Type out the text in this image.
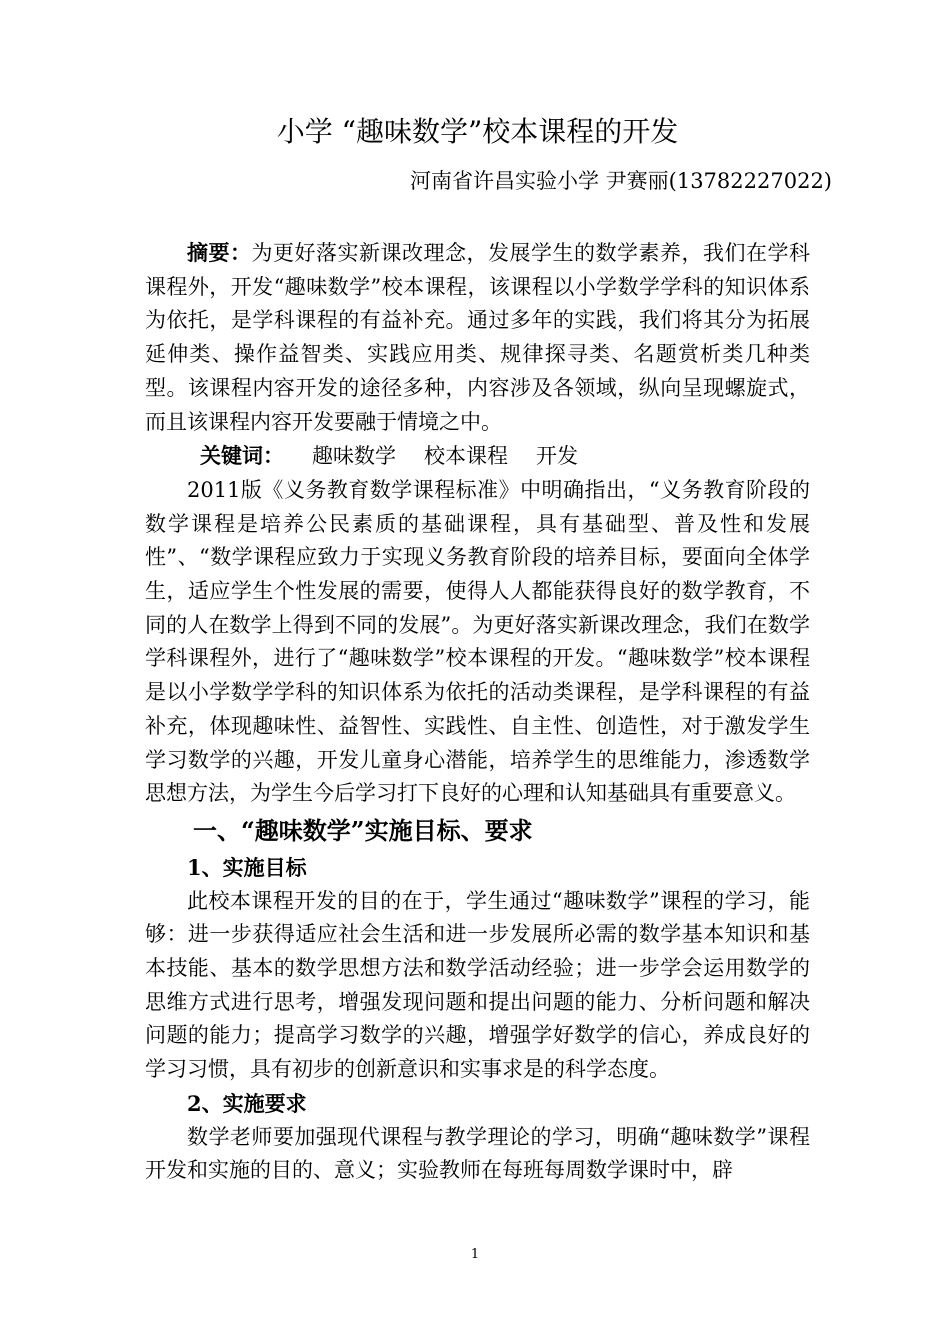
小学 “趣味数学”校本课程的开发
河南省许昌实验小学 尹赛丽(13782227022)

摘要：为更好落实新课改理念，发展学生的数学素养，我们在学科课程外，开发“趣味数学”校本课程，该课程以小学数学学科的知识体系为依托，是学科课程的有益补充。通过多年的实践，我们将其分为拓展延伸类、操作益智类、实践应用类、规律探寻类、名题赏析类几种类型。该课程内容开发的途径多种，内容涉及各领域，纵向呈现螺旋式，而且该课程内容开发要融于情境之中。

关键词： 趣味数学 校本课程 开发

2011版《义务教育数学课程标准》中明确指出，“义务教育阶段的数学课程是培养公民素质的基础课程，具有基础型、普及性和发展性”、“数学课程应致力于实现义务教育阶段的培养目标，要面向全体学生，适应学生个性发展的需要，使得人人都能获得良好的数学教育，不同的人在数学上得到不同的发展”。为更好落实新课改理念，我们在数学学科课程外，进行了“趣味数学”校本课程的开发。“趣味数学”校本课程是以小学数学学科的知识体系为依托的活动类课程，是学科课程的有益补充，体现趣味性、益智性、实践性、自主性、创造性，对于激发学生学习数学的兴趣，开发儿童身心潜能，培养学生的思维能力，渗透数学思想方法，为学生今后学习打下良好的心理和认知基础具有重要意义。

一、“趣味数学”实施目标、要求

1、实施目标

此校本课程开发的目的在于，学生通过“趣味数学”课程的学习，能够：进一步获得适应社会生活和进一步发展所必需的数学基本知识和基本技能、基本的数学思想方法和数学活动经验；进一步学会运用数学的思维方式进行思考，增强发现问题和提出问题的能力、分析问题和解决问题的能力；提高学习数学的兴趣，增强学好数学的信心，养成良好的学习习惯，具有初步的创新意识和实事求是的科学态度。

2、实施要求

数学老师要加强现代课程与教学理论的学习，明确“趣味数学”课程开发和实施的目的、意义；实验教师在每班每周数学课时中，辟

1
